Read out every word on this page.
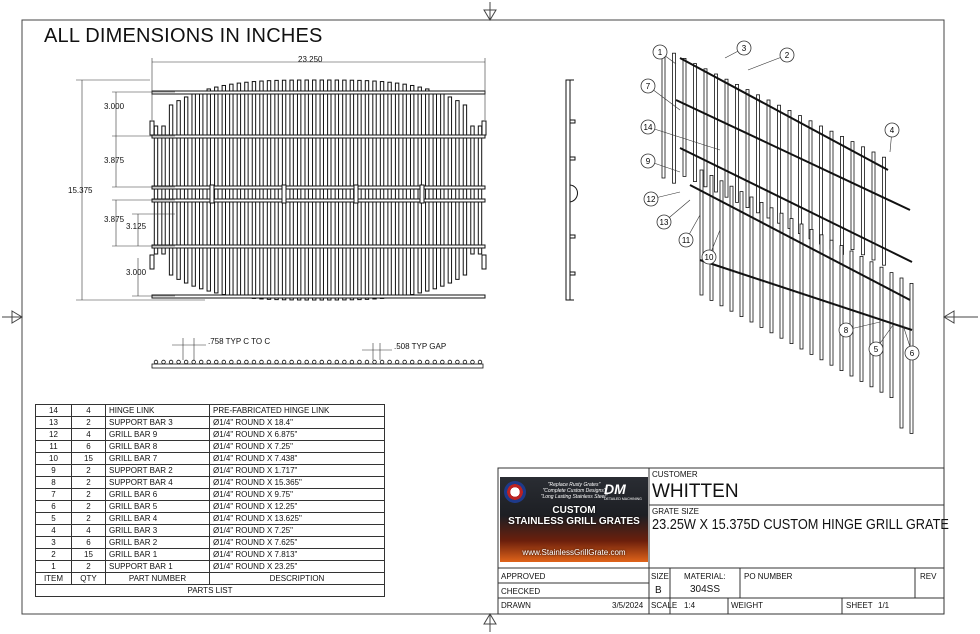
1	2
3
4
5	6
7
8
9
10
11
12
13
14
ALL DIMENSIONS IN INCHES
23.250
15.375
3.000
3.875
3.875
3.125
3.000
.758 TYP C TO C
.508 TYP GAP
14	4	HINGE LINK	PRE-FABRICATED HINGE LINK
13	2	SUPPORT BAR 3	Ø1/4" ROUND X 18.4"
12	4	GRILL BAR 9	Ø1/4" ROUND X 6.875"
11	6	GRILL BAR 8	Ø1/4" ROUND X 7.25"
10	15	GRILL BAR 7	Ø1/4" ROUND X 7.438"
9	2	SUPPORT BAR 2	Ø1/4" ROUND X 1.717"
8	2	SUPPORT BAR 4	Ø1/4" ROUND X 15.365"
7	2	GRILL BAR 6	Ø1/4" ROUND X 9.75"
6	2	GRILL BAR 5	Ø1/4" ROUND X 12.25"
5	2	GRILL BAR 4	Ø1/4" ROUND X 13.625"
4	4	GRILL BAR 3	Ø1/4" ROUND X 7.25"
3	6	GRILL BAR 2	Ø1/4" ROUND X 7.625"
2	15	GRILL BAR 1	Ø1/4" ROUND X 7.813"
1	2	SUPPORT BAR 1	Ø1/4" ROUND X 23.25"
ITEM	QTY	PART NUMBER	DESCRIPTION
PARTS LIST			
"Replace Rusty Grates"
"Complete Custom Designs"
"Long Lasting Stainless Steel"
DM
DETAILED MACHINING
CUSTOM
STAINLESS GRILL GRATES
www.StainlessGrillGrate.com
CUSTOMER
WHITTEN
GRATE SIZE
23.25W X 15.375D CUSTOM HINGE GRILL GRATE
APPROVED
CHECKED
DRAWN	3/5/2024
SIZE
B
MATERIAL:
304SS
PO NUMBER	REV
SCALE 1:4	WEIGHT	SHEET 1/1
